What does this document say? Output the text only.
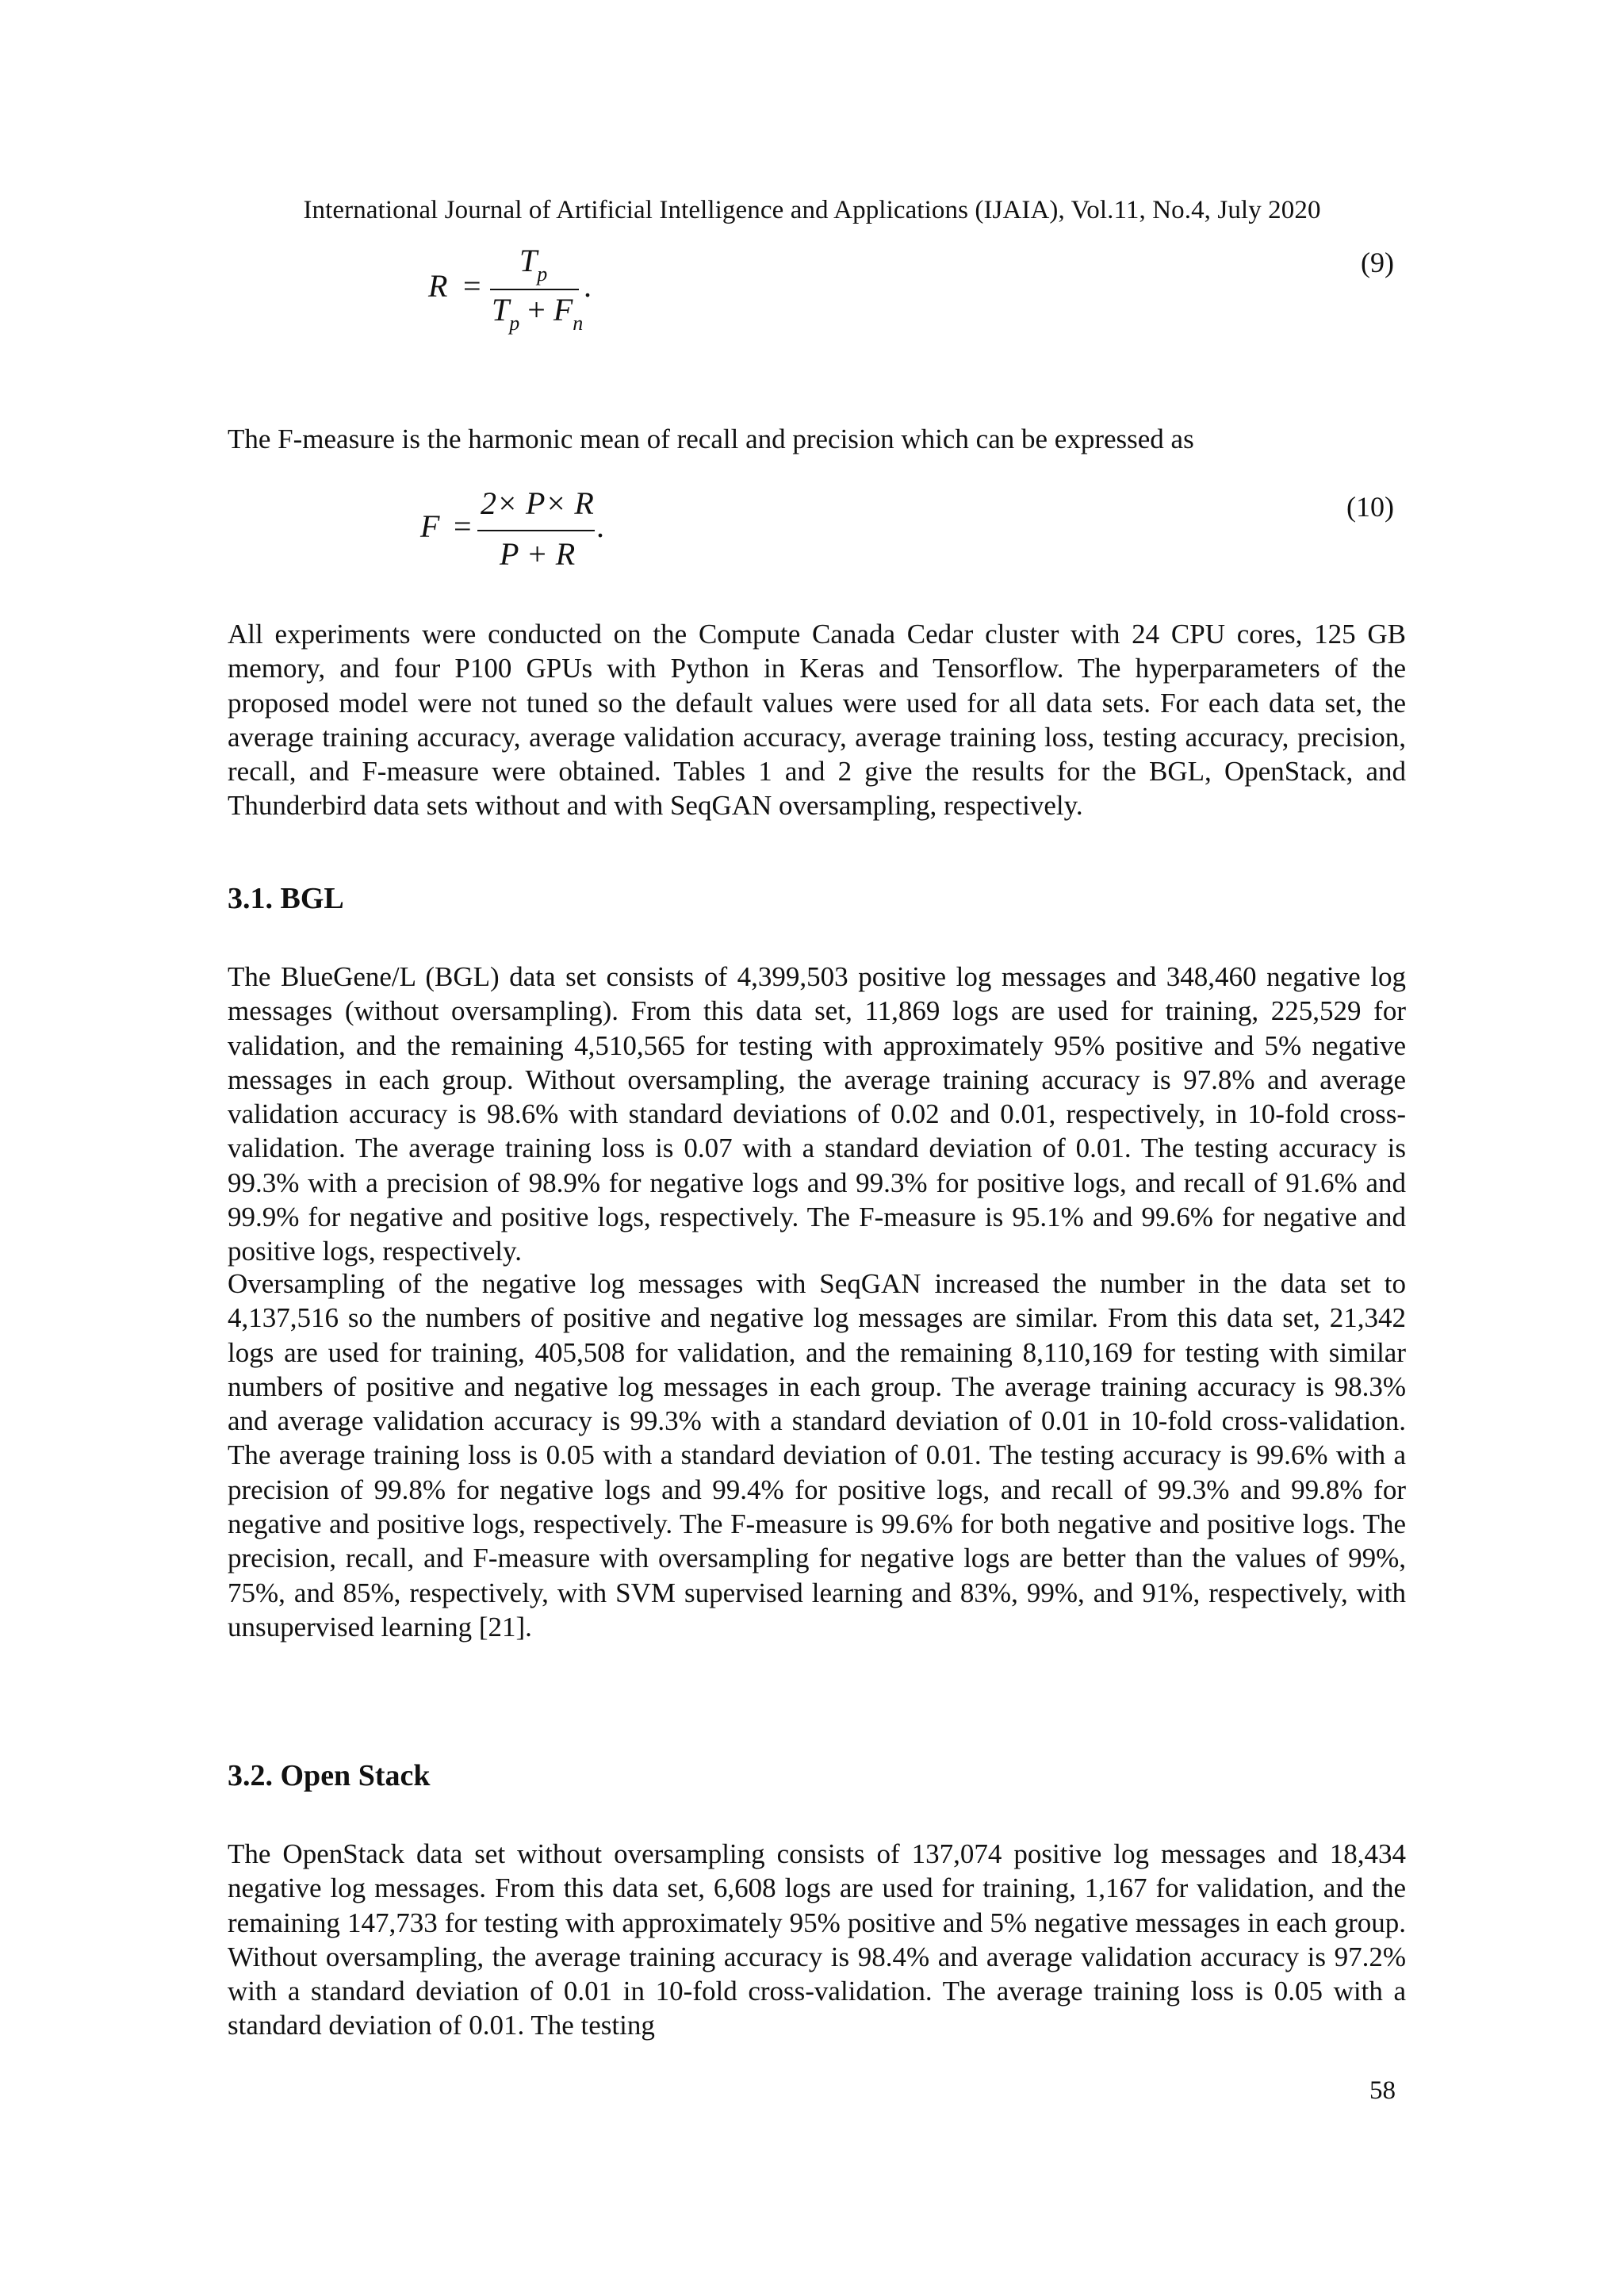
International Journal of Artificial Intelligence and Applications (IJAIA), Vol.11, No.4, July 2020
R =
$T_p$
$T_p + F_n$
.
(9)

The F-measure is the harmonic mean of recall and precision which can be expressed as

F =
2× P× R
P + R
.
(10)

All experiments were conducted on the Compute Canada Cedar cluster with 24 CPU cores, 125 GB memory, and four P100 GPUs with Python in Keras and Tensorflow. The hyperparameters of the proposed model were not tuned so the default values were used for all data sets. For each data set, the average training accuracy, average validation accuracy, average training loss, testing accuracy, precision, recall, and F-measure were obtained. Tables 1 and 2 give the results for the BGL, OpenStack, and Thunderbird data sets without and with SeqGAN oversampling, respectively.

3.1. BGL

The BlueGene/L (BGL) data set consists of 4,399,503 positive log messages and 348,460 negative log messages (without oversampling). From this data set, 11,869 logs are used for training, 225,529 for validation, and the remaining 4,510,565 for testing with approximately 95% positive and 5% negative messages in each group. Without oversampling, the average training accuracy is 97.8% and average validation accuracy is 98.6% with standard deviations of 0.02 and 0.01, respectively, in 10-fold cross-validation. The average training loss is 0.07 with a standard deviation of 0.01. The testing accuracy is 99.3% with a precision of 98.9% for negative logs and 99.3% for positive logs, and recall of 91.6% and 99.9% for negative and positive logs, respectively. The F-measure is 95.1% and 99.6% for negative and positive logs, respectively.

Oversampling of the negative log messages with SeqGAN increased the number in the data set to 4,137,516 so the numbers of positive and negative log messages are similar. From this data set, 21,342 logs are used for training, 405,508 for validation, and the remaining 8,110,169 for testing with similar numbers of positive and negative log messages in each group. The average training accuracy is 98.3% and average validation accuracy is 99.3% with a standard deviation of 0.01 in 10-fold cross-validation. The average training loss is 0.05 with a standard deviation of 0.01. The testing accuracy is 99.6% with a precision of 99.8% for negative logs and 99.4% for positive logs, and recall of 99.3% and 99.8% for negative and positive logs, respectively. The F-measure is 99.6% for both negative and positive logs. The precision, recall, and F-measure with oversampling for negative logs are better than the values of 99%, 75%, and 85%, respectively, with SVM supervised learning and 83%, 99%, and 91%, respectively, with unsupervised learning [21].

3.2. Open Stack

The OpenStack data set without oversampling consists of 137,074 positive log messages and 18,434 negative log messages. From this data set, 6,608 logs are used for training, 1,167 for validation, and the remaining 147,733 for testing with approximately 95% positive and 5% negative messages in each group. Without oversampling, the average training accuracy is 98.4% and average validation accuracy is 97.2% with a standard deviation of 0.01 in 10-fold cross-validation. The average training loss is 0.05 with a standard deviation of 0.01. The testing

58
